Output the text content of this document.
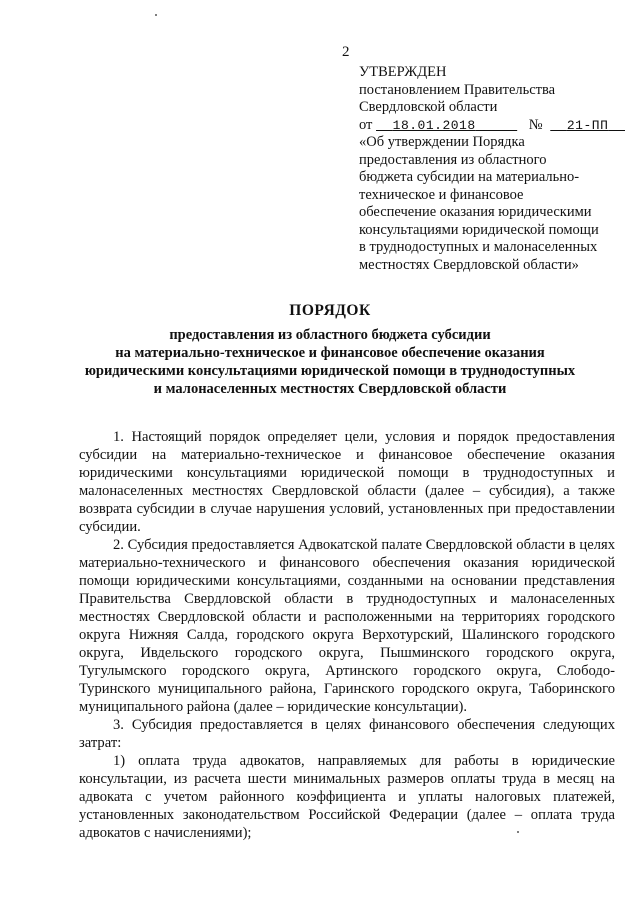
2
УТВЕРЖДЕН
постановлением Правительства
Свердловской области
от 18.01.2018	№ 21-ПП
«Об утверждении Порядка
предоставления из областного
бюджета субсидии на материально-
техническое и финансовое
обеспечение оказания юридическими
консультациями юридической помощи
в труднодоступных и малонаселенных
местностях Свердловской области»
ПОРЯДОК
предоставления из областного бюджета субсидии
на материально-техническое и финансовое обеспечение оказания
юридическими консультациями юридической помощи в труднодоступных
и малонаселенных местностях Свердловской области

1. Настоящий порядок определяет цели, условия и порядок предоставления субсидии на материально-техническое и финансовое обеспечение оказания юридическими консультациями юридической помощи в труднодоступных и малонаселенных местностях Свердловской области (далее – субсидия), а также возврата субсидии в случае нарушения условий, установленных при предоставлении субсидии.

2. Субсидия предоставляется Адвокатской палате Свердловской области в целях материально-технического и финансового обеспечения оказания юридической помощи юридическими консультациями, созданными на основании представления Правительства Свердловской области в труднодоступных и малонаселенных местностях Свердловской области и расположенными на территориях городского округа Нижняя Салда, городского округа Верхотурский, Шалинского городского округа, Ивдельского городского округа, Пышминского городского округа, Тугулымского городского округа, Артинского городского округа, Слободо-Туринского муниципального района, Гаринского городского округа, Таборинского муниципального района (далее – юридические консультации).

3. Субсидия предоставляется в целях финансового обеспечения следующих затрат:

1) оплата труда адвокатов, направляемых для работы в юридические консультации, из расчета шести минимальных размеров оплаты труда в месяц на адвоката с учетом районного коэффициента и уплаты налоговых платежей, установленных законодательством Российской Федерации (далее – оплата труда адвокатов с начислениями);
